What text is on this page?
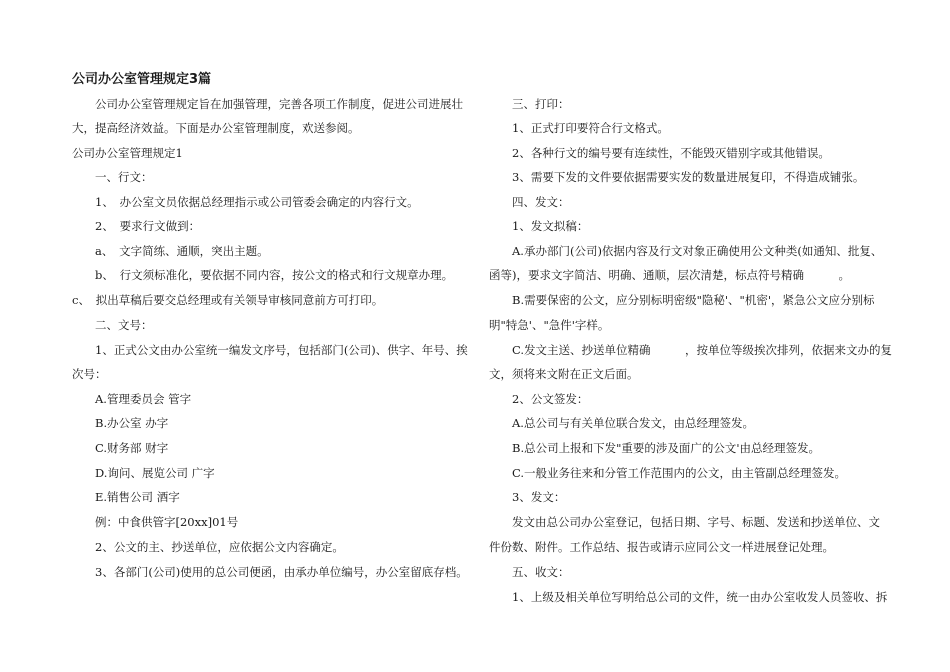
公司办公室管理规定3篇
公司办公室管理规定旨在加强管理，完善各项工作制度，促进公司进展壮
大，提高经济效益。下面是办公室管理制度，欢送参阅。
公司办公室管理规定1
一、行文：
1、　办公室文员依据总经理指示或公司管委会确定的内容行文。
2、　要求行文做到：
a、　文字简练、通顺，突出主题。
b、　行文须标准化，要依据不同内容，按公文的格式和行文规章办理。
c、　拟出草稿后要交总经理或有关领导审核同意前方可打印。
二、文号：
1、正式公文由办公室统一编发文序号，包括部门(公司)、供字、年号、挨
次号：
A.管理委员会 管字
B.办公室 办字
C.财务部 财字
D.询问、展览公司 广字
E.销售公司 酒字
例：中食供管字[20xx]01号
2、公文的主、抄送单位，应依据公文内容确定。
3、各部门(公司)使用的总公司便函，由承办单位编号，办公室留底存档。
三、打印：
1、正式打印要符合行文格式。
2、各种行文的编号要有连续性，不能毁灭错别字或其他错误。
3、需要下发的文件要依据需要实发的数量进展复印，不得造成铺张。
四、发文：
1、发文拟稿：
A.承办部门(公司)依据内容及行文对象正确使用公文种类(如通知、批复、
函等)，要求文字简洁、明确、通顺，层次清楚，标点符号精确　　　。
B.需要保密的公文，应分别标明密级"隐秘'、"机密'，紧急公文应分别标
明"特急'、"急件'字样。
C.发文主送、抄送单位精确　　　，按单位等级挨次排列，依据来文办的复
文，须将来文附在正文后面。
2、公文签发：
A.总公司与有关单位联合发文，由总经理签发。
B.总公司上报和下发"重要的涉及面广的公文'由总经理签发。
C.一般业务往来和分管工作范围内的公文，由主管副总经理签发。
3、发文：
发文由总公司办公室登记，包括日期、字号、标题、发送和抄送单位、文
件份数、附件。工作总结、报告或请示应同公文一样进展登记处理。
五、收文：
1、上级及相关单位写明给总公司的文件，统一由办公室收发人员签收、拆
